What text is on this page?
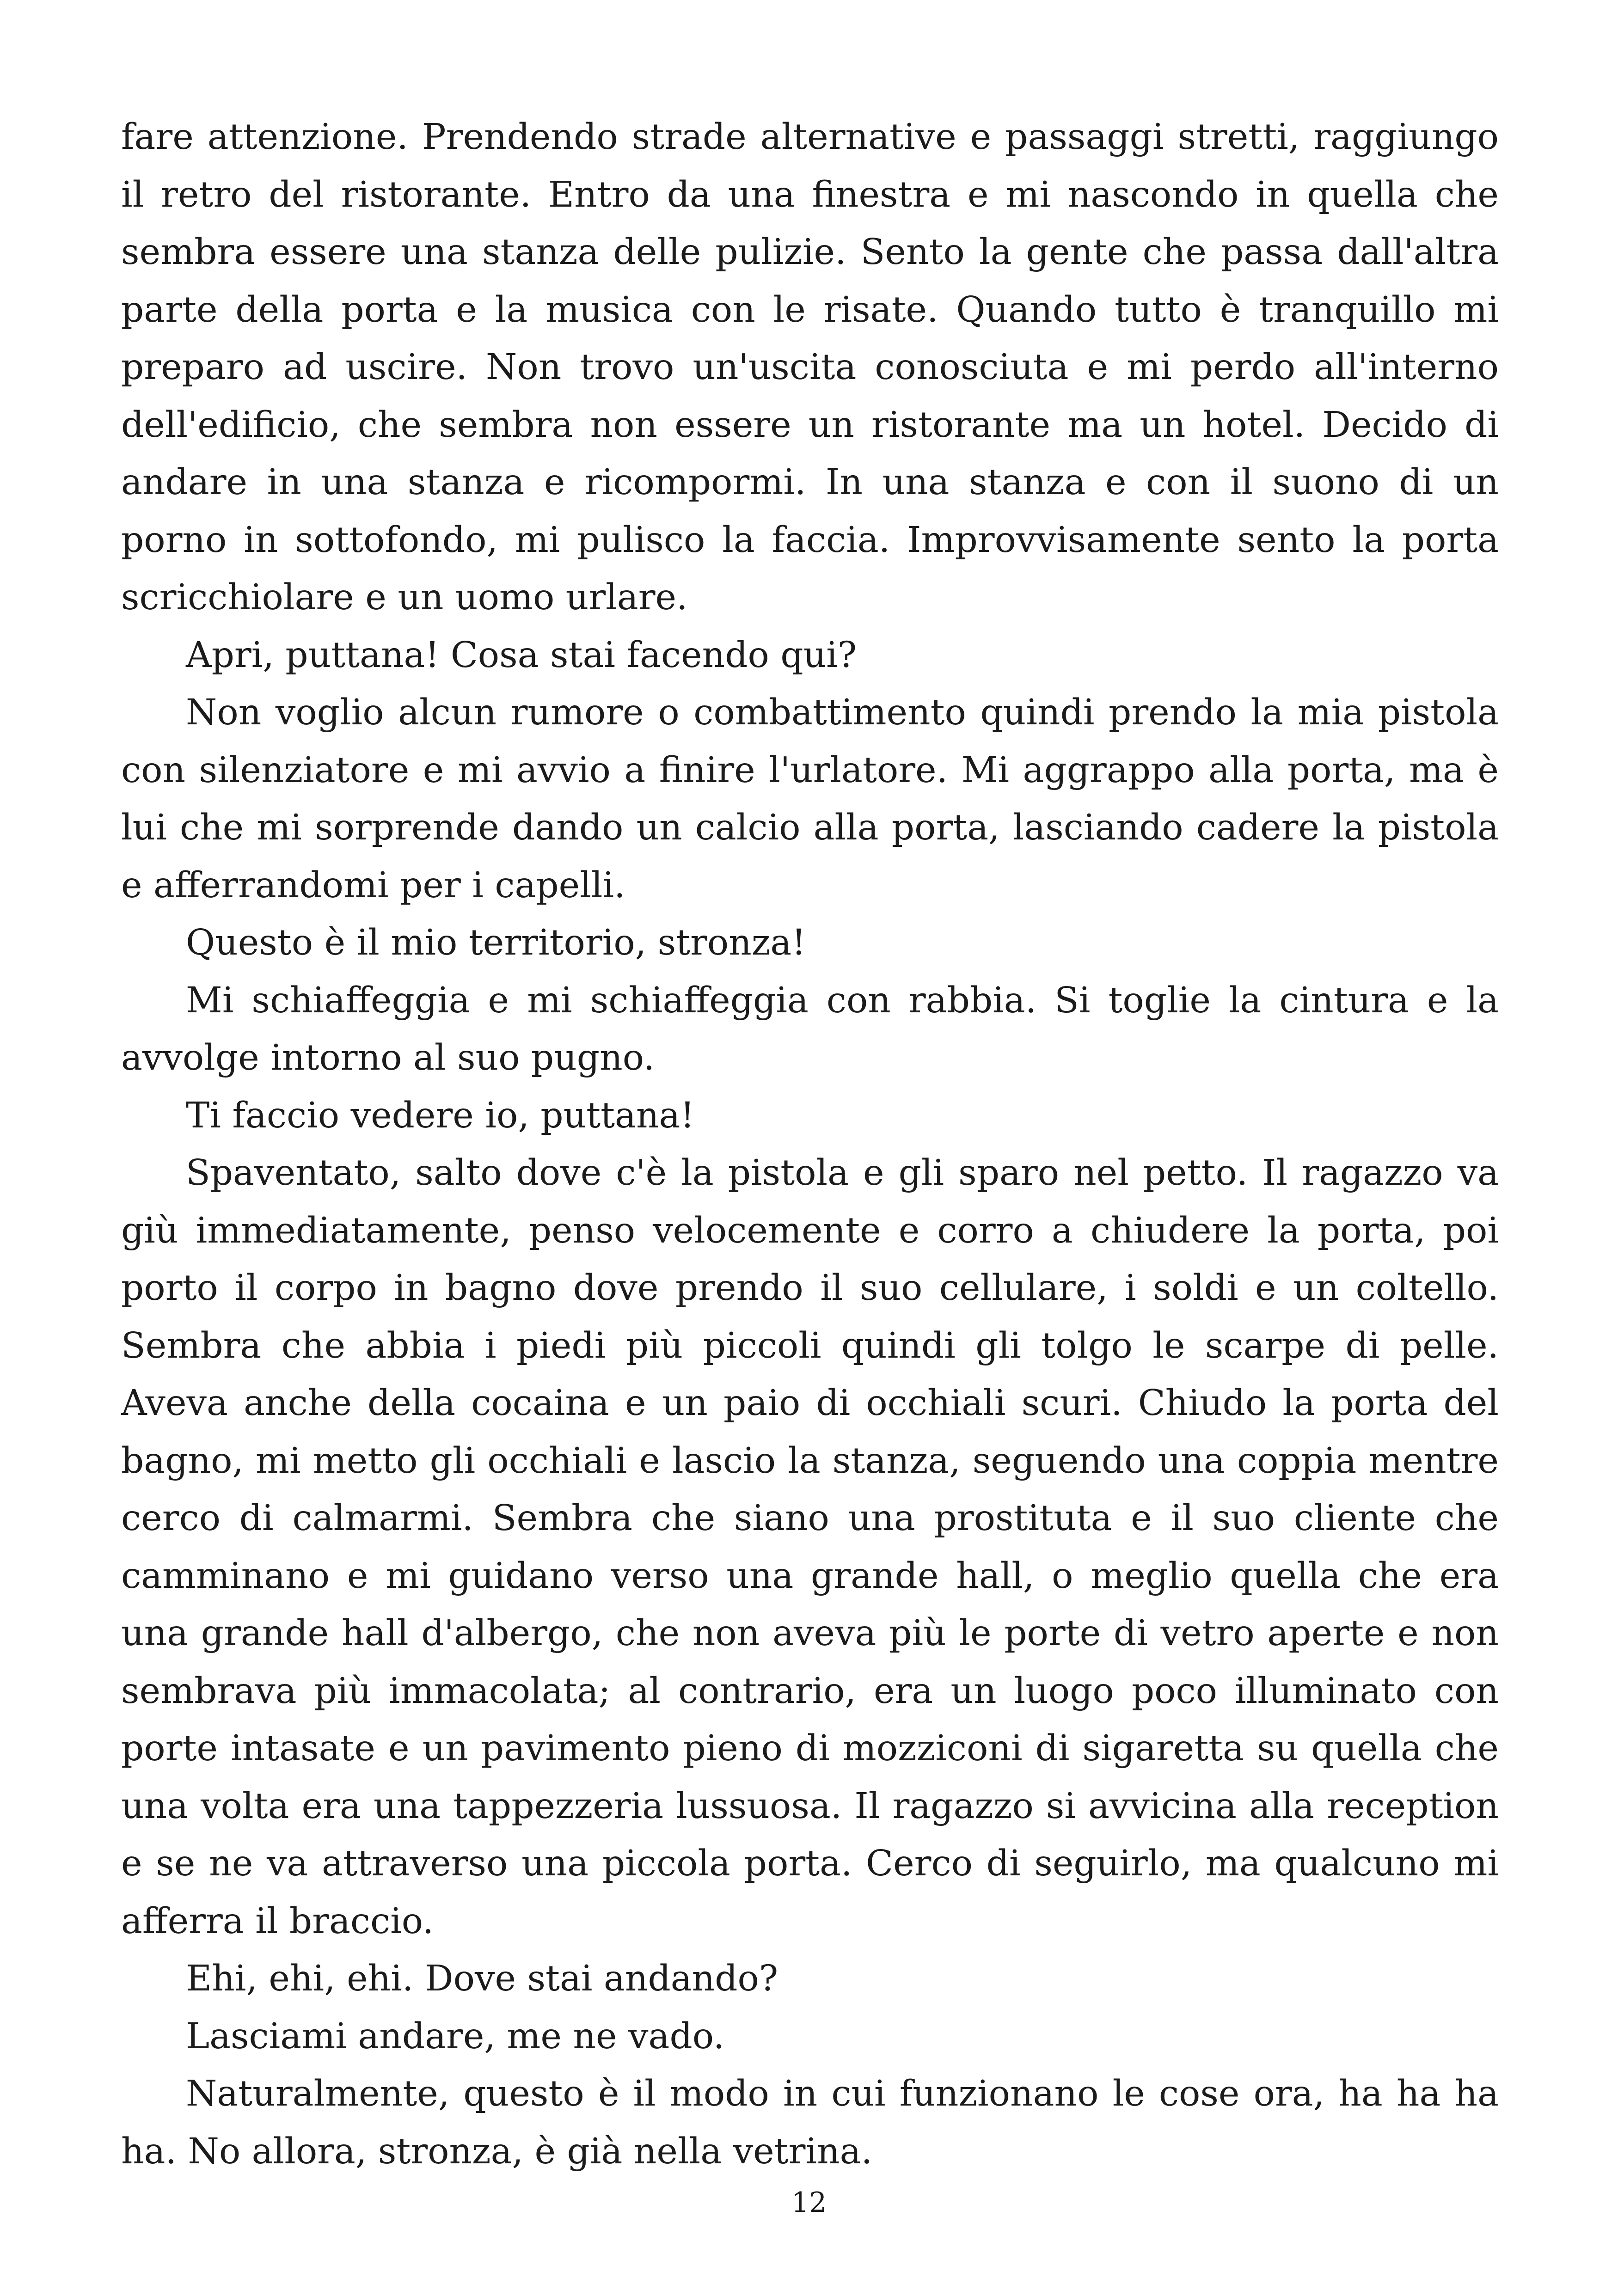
fare attenzione. Prendendo strade alternative e passaggi stretti, raggiungo il retro del ristorante. Entro da una finestra e mi nascondo in quella che sembra essere una stanza delle pulizie. Sento la gente che passa dall'altra parte della porta e la musica con le risate. Quando tutto è tranquillo mi preparo ad uscire. Non trovo un'uscita conosciuta e mi perdo all'interno dell'edificio, che sembra non essere un ristorante ma un hotel. Decido di andare in una stanza e ricompormi. In una stanza e con il suono di un porno in sottofondo, mi pulisco la faccia. Improvvisamente sento la porta scricchiolare e un uomo urlare.

Apri, puttana! Cosa stai facendo qui?

Non voglio alcun rumore o combattimento quindi prendo la mia pistola con silenziatore e mi avvio a finire l'urlatore. Mi aggrappo alla porta, ma è lui che mi sorprende dando un calcio alla porta, lasciando cadere la pistola e afferrandomi per i capelli.

Questo è il mio territorio, stronza!

Mi schiaffeggia e mi schiaffeggia con rabbia. Si toglie la cintura e la avvolge intorno al suo pugno.

Ti faccio vedere io, puttana!

Spaventato, salto dove c'è la pistola e gli sparo nel petto. Il ragazzo va giù immediatamente, penso velocemente e corro a chiudere la porta, poi porto il corpo in bagno dove prendo il suo cellulare, i soldi e un coltello. Sembra che abbia i piedi più piccoli quindi gli tolgo le scarpe di pelle. Aveva anche della cocaina e un paio di occhiali scuri. Chiudo la porta del bagno, mi metto gli occhiali e lascio la stanza, seguendo una coppia mentre cerco di calmarmi. Sembra che siano una prostituta e il suo cliente che camminano e mi guidano verso una grande hall, o meglio quella che era una grande hall d'albergo, che non aveva più le porte di vetro aperte e non sembrava più immacolata; al contrario, era un luogo poco illuminato con porte intasate e un pavimento pieno di mozziconi di sigaretta su quella che una volta era una tappezzeria lussuosa. Il ragazzo si avvicina alla reception e se ne va attraverso una piccola porta. Cerco di seguirlo, ma qualcuno mi afferra il braccio.

Ehi, ehi, ehi. Dove stai andando?

Lasciami andare, me ne vado.

Naturalmente, questo è il modo in cui funzionano le cose ora, ha ha ha ha. No allora, stronza, è già nella vetrina.

12
